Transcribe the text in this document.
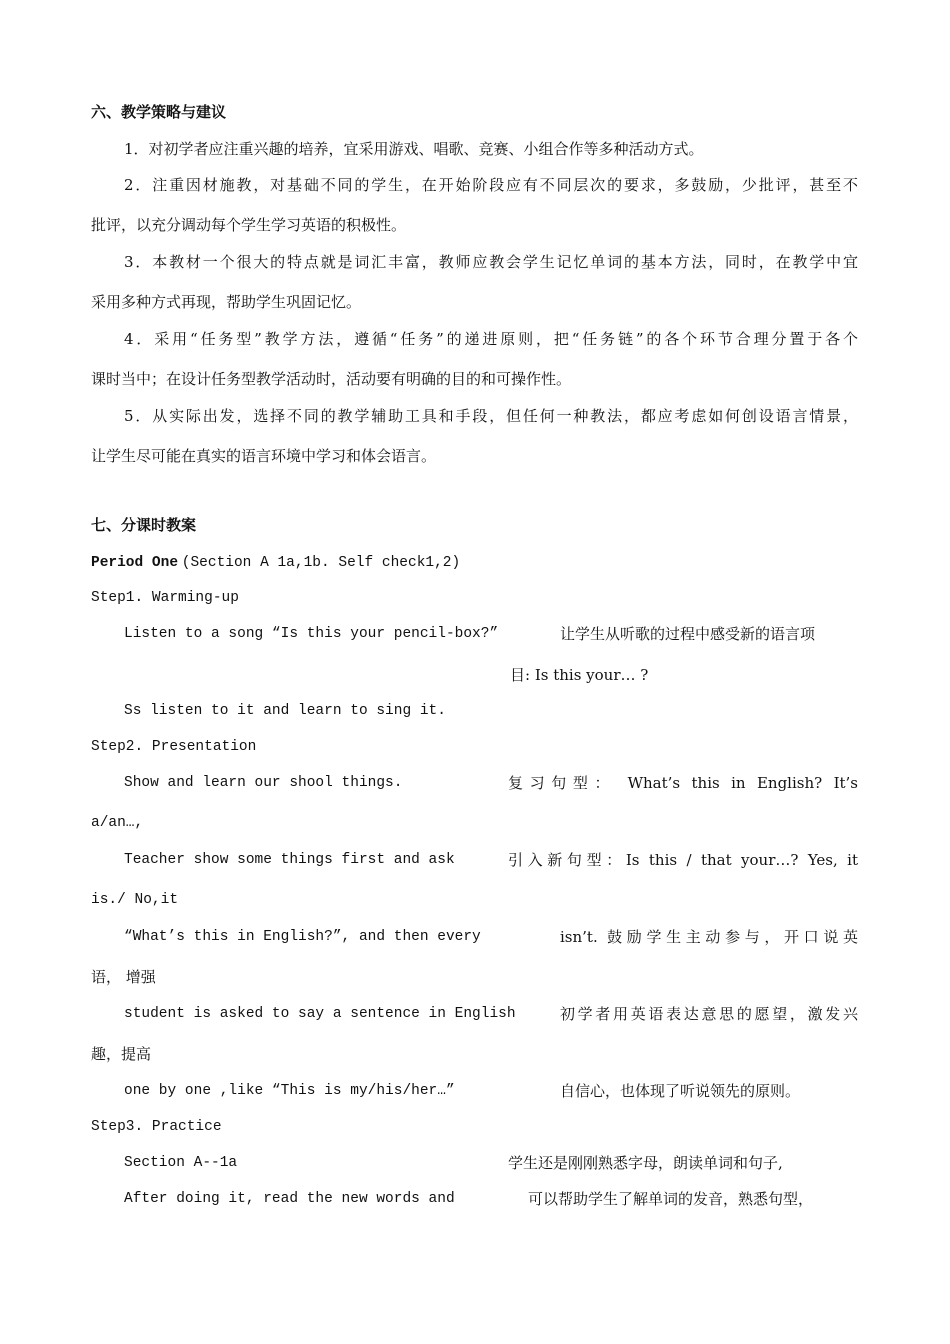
六、教学策略与建议
1．对初学者应注重兴趣的培养，宜采用游戏、唱歌、竞赛、小组合作等多种活动方式。
2．注重因材施教，对基础不同的学生，在开始阶段应有不同层次的要求，多鼓励，少批评，甚至不
批评，以充分调动每个学生学习英语的积极性。
3．本教材一个很大的特点就是词汇丰富，教师应教会学生记忆单词的基本方法，同时，在教学中宜
采用多种方式再现，帮助学生巩固记忆。
4．采用“任务型”教学方法，遵循“任务”的递进原则，把“任务链”的各个环节合理分置于各个
课时当中；在设计任务型教学活动时，活动要有明确的目的和可操作性。
5．从实际出发，选择不同的教学辅助工具和手段，但任何一种教法，都应考虑如何创设语言情景，
让学生尽可能在真实的语言环境中学习和体会语言。
七、分课时教案
Period One (Section A 1a,1b. Self check1,2)
Step1. Warming-up
Listen to a song “Is this your pencil-box?”	让学生从听歌的过程中感受新的语言项
目: Is this your… ?
Ss listen to it and learn to sing it.
Step2. Presentation
Show and learn our shool things.	复习句型： What’s this in English? It’s
a/an…,
Teacher show some things first and ask	引入新句型：Is this / that your…? Yes, it
is./ No,it
“What’s this in English?”, and then every	isn’t. 鼓励学生主动参与，开口说英
语， 增强
student is asked to say a sentence in English	初学者用英语表达意思的愿望，激发兴
趣，提高
one by one ,like “This is my/his/her…”	自信心，也体现了听说领先的原则。
Step3. Practice
Section A--1a	学生还是刚刚熟悉字母，朗读单词和句子,
After doing it, read the new words and	可以帮助学生了解单词的发音，熟悉句型，
